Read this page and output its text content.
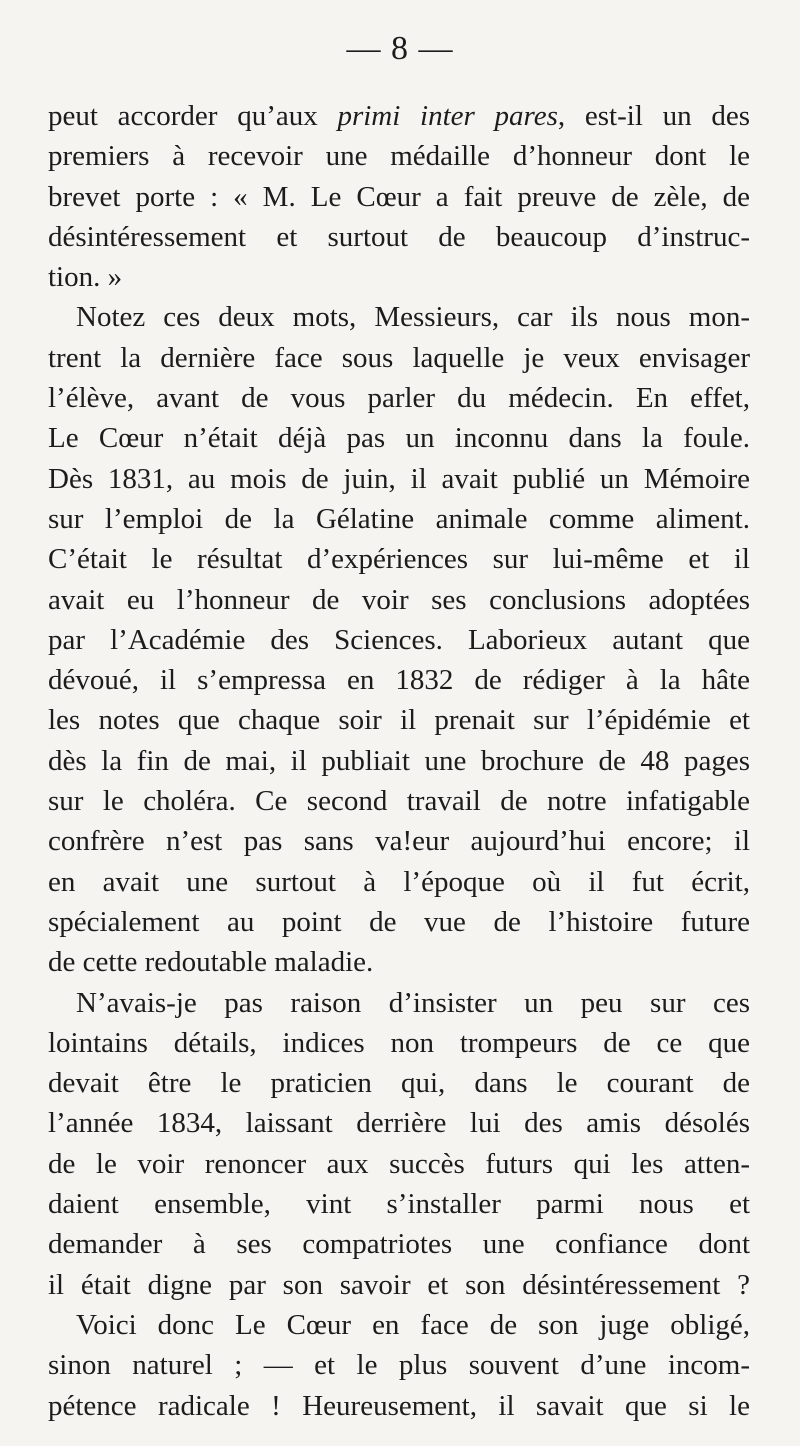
— 8 —
peut accorder qu’aux primi inter pares, est-il un des
premiers à recevoir une médaille d’honneur dont le
brevet porte : « M. Le Cœur a fait preuve de zèle, de
désintéressement et surtout de beaucoup d’instruc-
tion. »
Notez ces deux mots, Messieurs, car ils nous mon-
trent la dernière face sous laquelle je veux envisager
l’élève, avant de vous parler du médecin. En effet,
Le Cœur n’était déjà pas un inconnu dans la foule.
Dès 1831, au mois de juin, il avait publié un Mémoire
sur l’emploi de la Gélatine animale comme aliment.
C’était le résultat d’expériences sur lui-même et il
avait eu l’honneur de voir ses conclusions adoptées
par l’Académie des Sciences. Laborieux autant que
dévoué, il s’empressa en 1832 de rédiger à la hâte
les notes que chaque soir il prenait sur l’épidémie et
dès la fin de mai, il publiait une brochure de 48 pages
sur le choléra. Ce second travail de notre infatigable
confrère n’est pas sans va!eur aujourd’hui encore; il
en avait une surtout à l’époque où il fut écrit,
spécialement au point de vue de l’histoire future
de cette redoutable maladie.
N’avais-je pas raison d’insister un peu sur ces
lointains détails, indices non trompeurs de ce que
devait être le praticien qui, dans le courant de
l’année 1834, laissant derrière lui des amis désolés
de le voir renoncer aux succès futurs qui les atten-
daient ensemble, vint s’installer parmi nous et
demander à ses compatriotes une confiance dont
il était digne par son savoir et son désintéressement ?
Voici donc Le Cœur en face de son juge obligé,
sinon naturel ; — et le plus souvent d’une incom-
pétence radicale ! Heureusement, il savait que si le
